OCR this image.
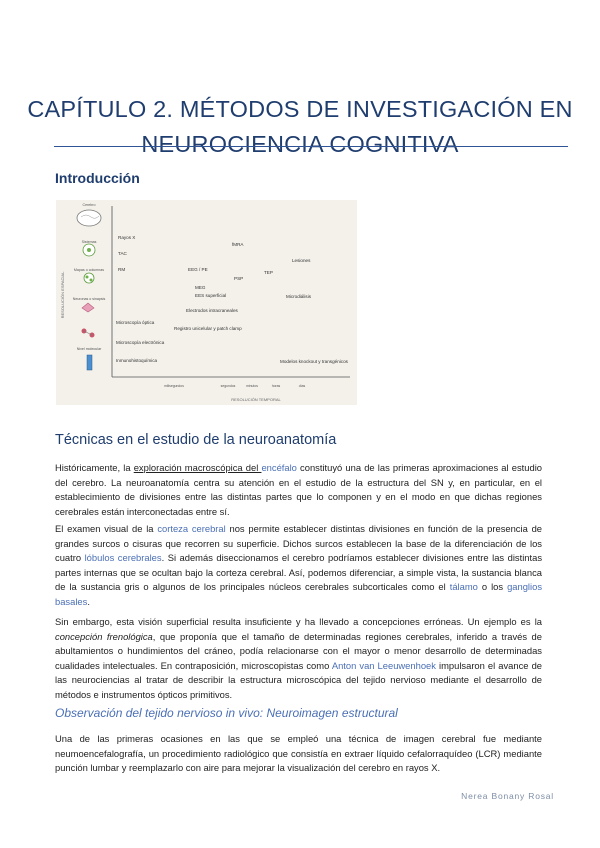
CAPÍTULO 2. MÉTODOS DE INVESTIGACIÓN EN
NEUROCIENCIA COGNITIVA
Introducción
Cerebro
Sistemas
Mapas o columnas
Neuronas o sinapsis
Nivel molecular
RESOLUCIÓN ESPACIAL
RESOLUCIÓN TEMPORAL
milisegundos	segundos	minutos	horas	días
Rayos X
TAC
RM	EEG / PE
MEG
EES superficial
Electrodos intracraneales
Registro unicelular y patch clamp
Microscopía óptica
Microscopía electrónica
Inmunohistoquímica
fMRA
PSP
TEP
Lesiones
Microdiálisis
Modelos knockout y transgénicos
Técnicas en el estudio de la neuroanatomía

Históricamente, la exploración macroscópica del encéfalo constituyó una de las primeras aproximaciones al estudio del cerebro. La neuroanatomía centra su atención en el estudio de la estructura del SN y, en particular, en el establecimiento de divisiones entre las distintas partes que lo componen y en el modo en que dichas regiones cerebrales están interconectadas entre sí.

El examen visual de la corteza cerebral nos permite establecer distintas divisiones en función de la presencia de grandes surcos o cisuras que recorren su superficie. Dichos surcos establecen la base de la diferenciación de los cuatro lóbulos cerebrales. Si además diseccionamos el cerebro podríamos establecer divisiones entre las distintas partes internas que se ocultan bajo la corteza cerebral. Así, podemos diferenciar, a simple vista, la sustancia blanca de la sustancia gris o algunos de los principales núcleos cerebrales subcorticales como el tálamo o los ganglios basales.

Sin embargo, esta visión superficial resulta insuficiente y ha llevado a concepciones erróneas. Un ejemplo es la concepción frenológica, que proponía que el tamaño de determinadas regiones cerebrales, inferido a través de abultamientos o hundimientos del cráneo, podía relacionarse con el mayor o menor desarrollo de determinadas cualidades intelectuales. En contraposición, microscopistas como Anton van Leeuwenhoek impulsaron el avance de las neurociencias al tratar de describir la estructura microscópica del tejido nervioso mediante el desarrollo de métodos e instrumentos ópticos primitivos.

Observación del tejido nervioso in vivo: Neuroimagen estructural

Una de las primeras ocasiones en las que se empleó una técnica de imagen cerebral fue mediante neumoencefalografía, un procedimiento radiológico que consistía en extraer líquido cefalorraquídeo (LCR) mediante punción lumbar y reemplazarlo con aire para mejorar la visualización del cerebro en rayos X.

Nerea Bonany Rosal
